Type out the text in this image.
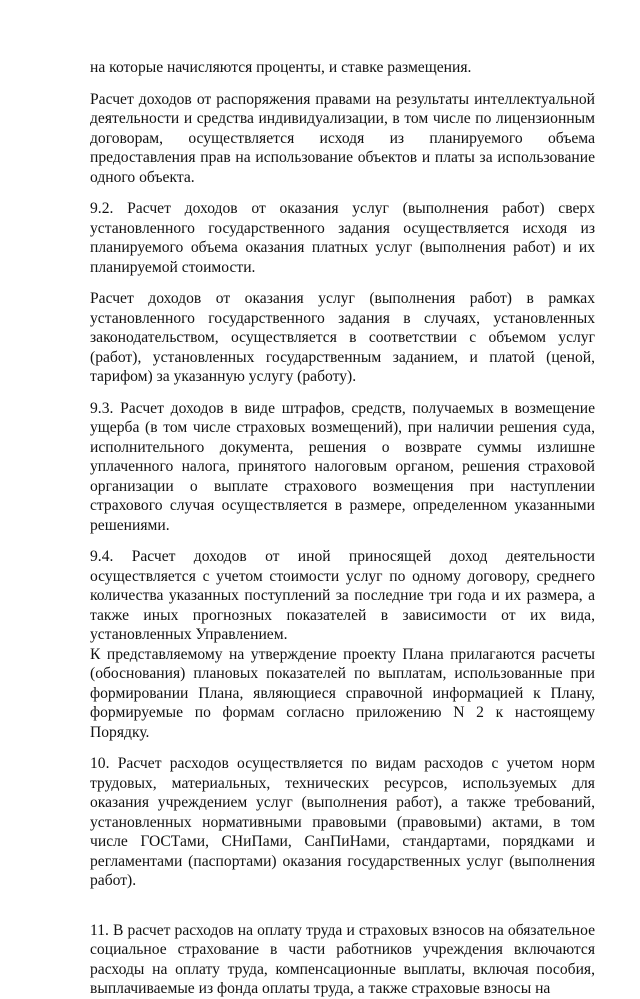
на которые начисляются проценты, и ставке размещения.

Расчет доходов от распоряжения правами на результаты интеллектуальной деятельности и средства индивидуализации, в том числе по лицензионным договорам, осуществляется исходя из планируемого объема предоставления прав на использование объектов и платы за использование одного объекта.

9.2. Расчет доходов от оказания услуг (выполнения работ) сверх установленного государственного задания осуществляется исходя из планируемого объема оказания платных услуг (выполнения работ) и их планируемой стоимости.

Расчет доходов от оказания услуг (выполнения работ) в рамках установленного государственного задания в случаях, установленных законодательством, осуществляется в соответствии с объемом услуг (работ), установленных государственным заданием, и платой (ценой, тарифом) за указанную услугу (работу).

9.3. Расчет доходов в виде штрафов, средств, получаемых в возмещение ущерба (в том числе страховых возмещений), при наличии решения суда, исполнительного документа, решения о возврате суммы излишне уплаченного налога, принятого налоговым органом, решения страховой организации о выплате страхового возмещения при наступлении страхового случая осуществляется в размере, определенном указанными решениями.

9.4. Расчет доходов от иной приносящей доход деятельности осуществляется с учетом стоимости услуг по одному договору, среднего количества указанных поступлений за последние три года и их размера, а также иных прогнозных показателей в зависимости от их вида, установленных Управлением.

К представляемому на утверждение проекту Плана прилагаются расчеты (обоснования) плановых показателей по выплатам, использованные при формировании Плана, являющиеся справочной информацией к Плану, формируемые по формам согласно приложению N 2 к настоящему Порядку.

10. Расчет расходов осуществляется по видам расходов с учетом норм трудовых, материальных, технических ресурсов, используемых для оказания учреждением услуг (выполнения работ), а также требований, установленных нормативными правовыми (правовыми) актами, в том числе ГОСТами, СНиПами, СанПиНами, стандартами, порядками и регламентами (паспортами) оказания государственных услуг (выполнения работ).

11. В расчет расходов на оплату труда и страховых взносов на обязательное социальное страхование в части работников учреждения включаются расходы на оплату труда, компенсационные выплаты, включая пособия, выплачиваемые из фонда оплаты труда, а также страховые взносы на
